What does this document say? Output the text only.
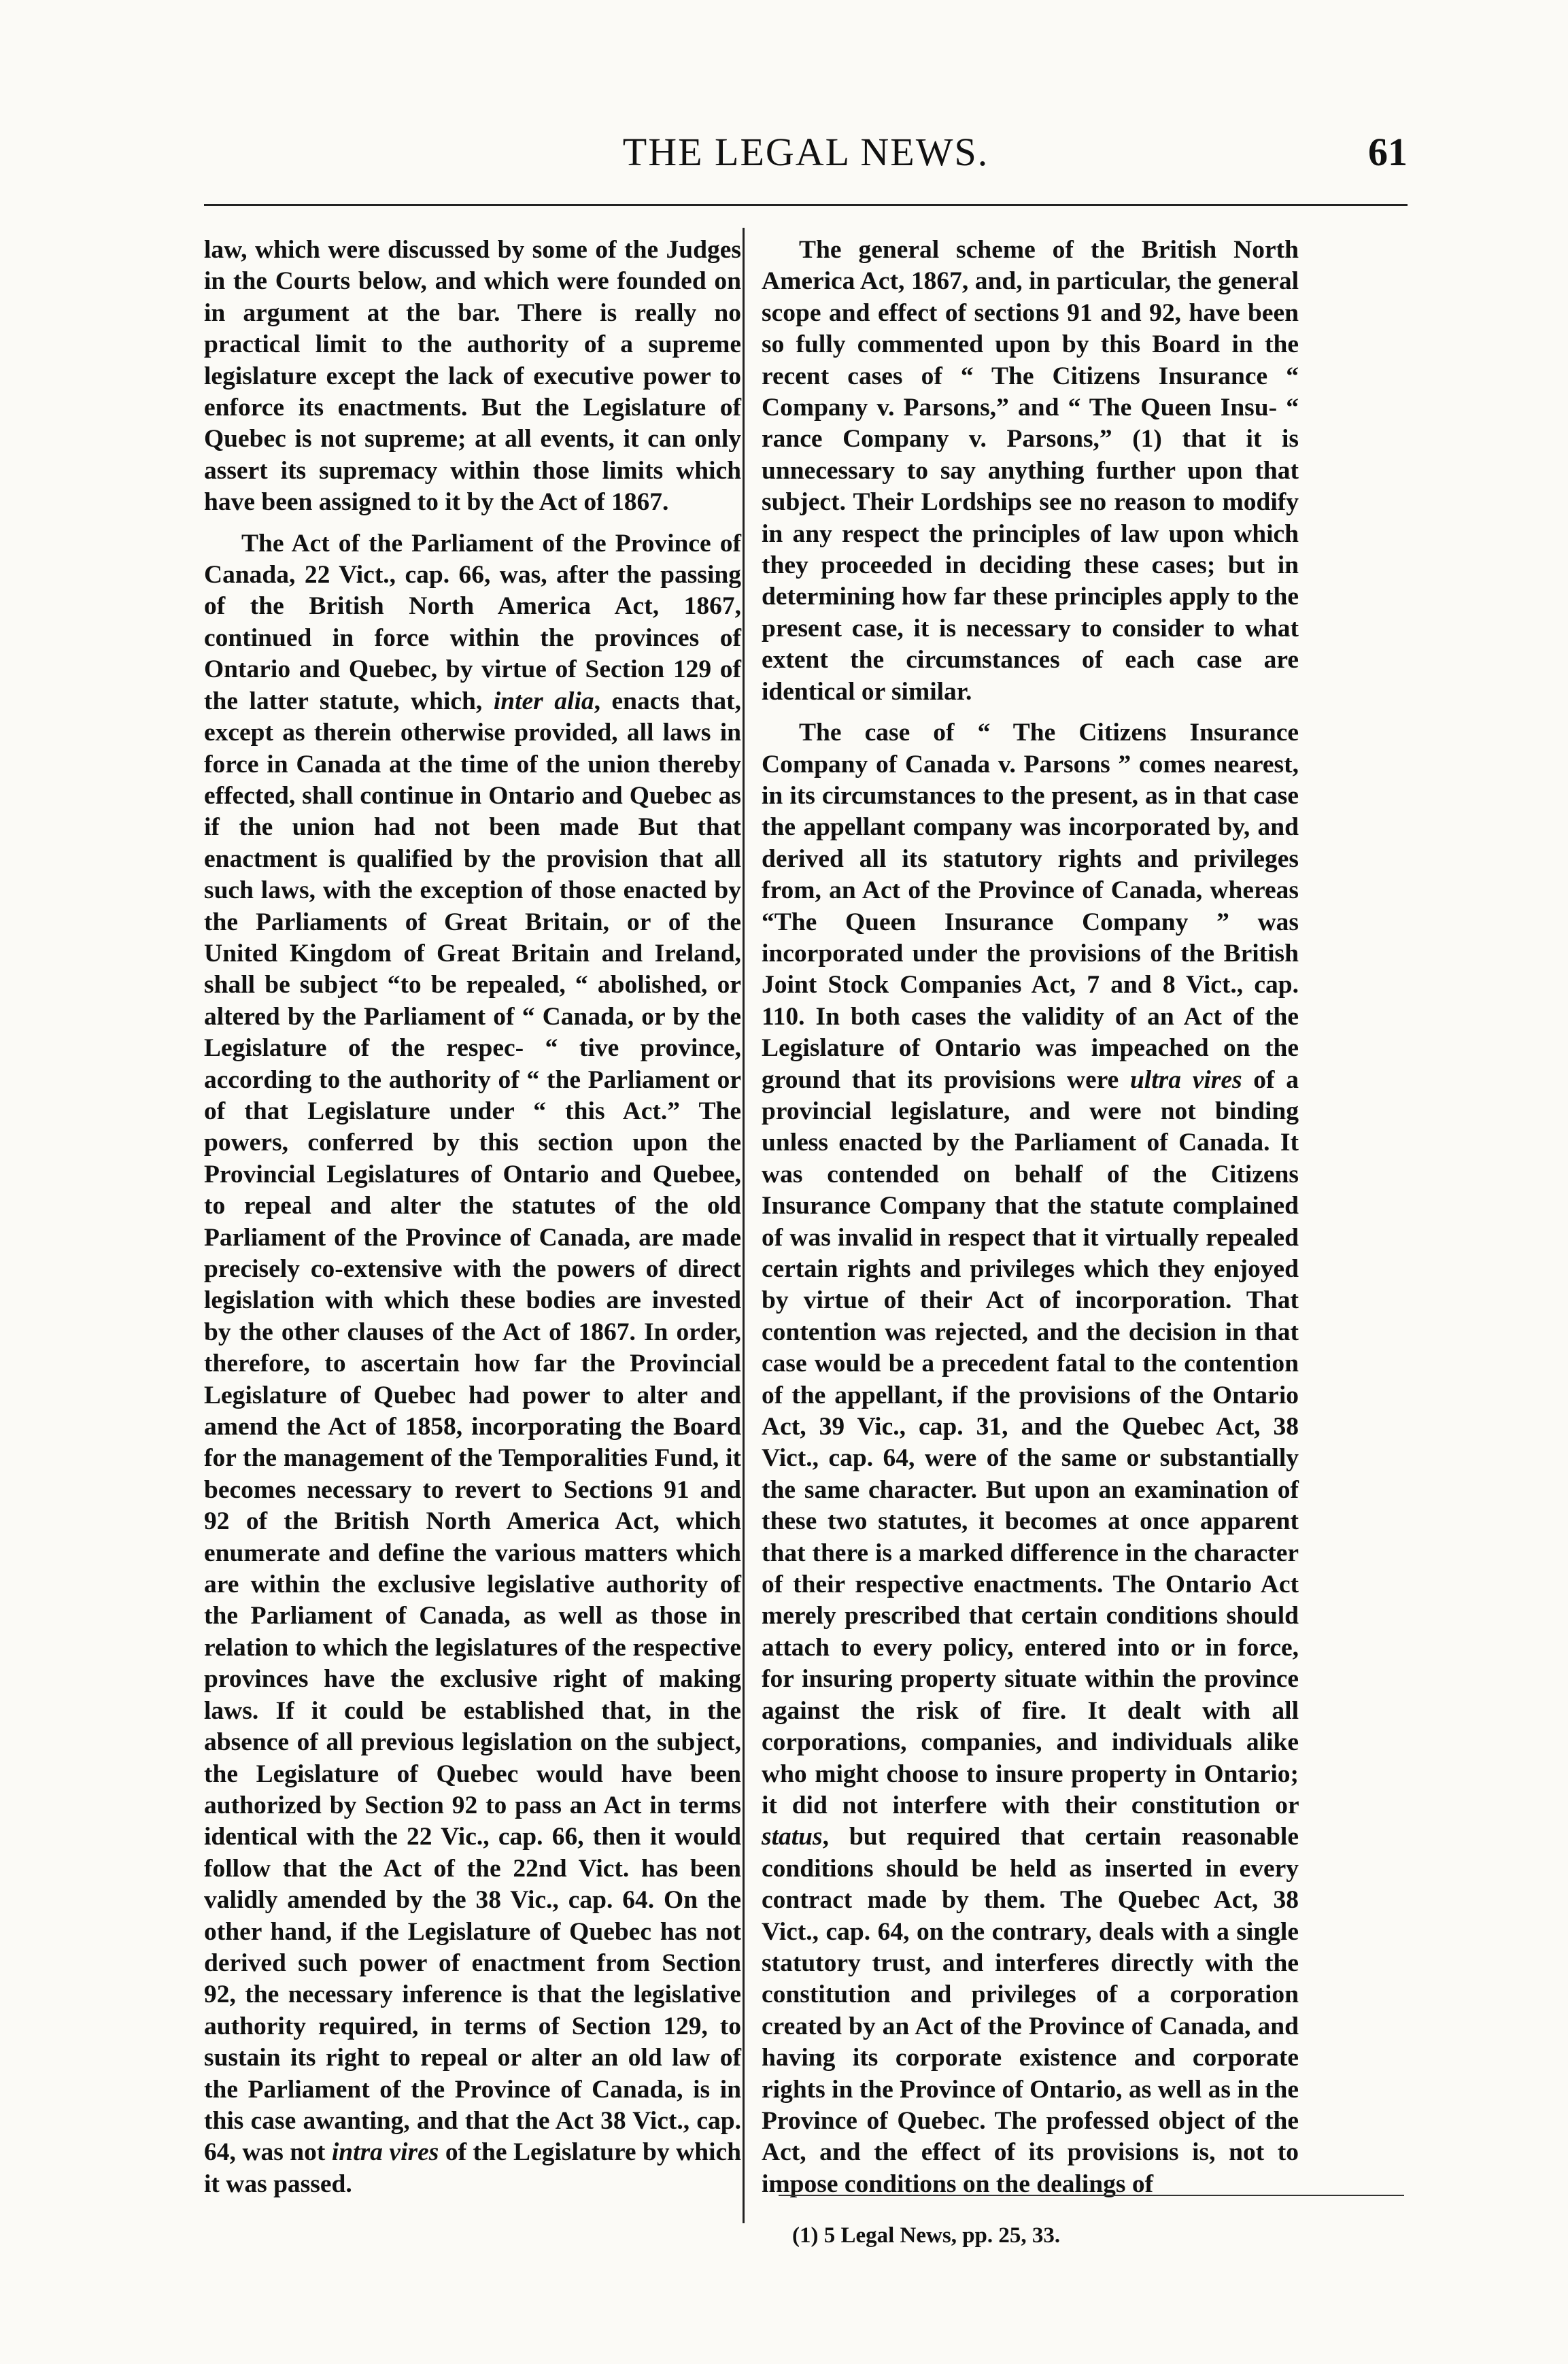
THE LEGAL NEWS.	61

law, which were discussed by some of the Judges in the Courts below, and which were founded on in argument at the bar. There is really no practical limit to the authority of a supreme legislature except the lack of executive power to enforce its enactments. But the Legislature of Quebec is not supreme; at all events, it can only assert its supremacy within those limits which have been assigned to it by the Act of 1867.

The Act of the Parliament of the Province of Canada, 22 Vict., cap. 66, was, after the passing of the British North America Act, 1867, continued in force within the provinces of Ontario and Quebec, by virtue of Section 129 of the latter statute, which, inter alia, enacts that, except as therein otherwise provided, all laws in force in Canada at the time of the union thereby effected, shall continue in Ontario and Quebec as if the union had not been made But that enactment is qualified by the provision that all such laws, with the exception of those enacted by the Parliaments of Great Britain, or of the United Kingdom of Great Britain and Ireland, shall be subject “to be repealed, “ abolished, or altered by the Parliament of “ Canada, or by the Legislature of the respec- “ tive province, according to the authority of “ the Parliament or of that Legislature under “ this Act.” The powers, conferred by this section upon the Provincial Legislatures of Ontario and Quebee, to repeal and alter the statutes of the old Parliament of the Province of Canada, are made precisely co-extensive with the powers of direct legislation with which these bodies are invested by the other clauses of the Act of 1867. In order, therefore, to ascertain how far the Provincial Legislature of Quebec had power to alter and amend the Act of 1858, incorporating the Board for the management of the Temporalities Fund, it becomes necessary to revert to Sections 91 and 92 of the British North America Act, which enumerate and define the various matters which are within the exclusive legislative authority of the Parliament of Canada, as well as those in relation to which the legislatures of the respective provinces have the exclusive right of making laws. If it could be established that, in the absence of all previous legislation on the subject, the Legislature of Quebec would have been authorized by Section 92 to pass an Act in terms identical with the 22 Vic., cap. 66, then it would follow that the Act of the 22nd Vict. has been validly amended by the 38 Vic., cap. 64. On the other hand, if the Legislature of Quebec has not derived such power of enactment from Section 92, the necessary inference is that the legislative authority required, in terms of Section 129, to sustain its right to repeal or alter an old law of the Parliament of the Province of Canada, is in this case awanting, and that the Act 38 Vict., cap. 64, was not intra vires of the Legislature by which it was passed.

The general scheme of the British North America Act, 1867, and, in particular, the general scope and effect of sections 91 and 92, have been so fully commented upon by this Board in the recent cases of “ The Citizens Insurance “ Company v. Parsons,” and “ The Queen Insu- “ rance Company v. Parsons,” (1) that it is unnecessary to say anything further upon that subject. Their Lordships see no reason to modify in any respect the principles of law upon which they proceeded in deciding these cases; but in determining how far these principles apply to the present case, it is necessary to consider to what extent the circumstances of each case are identical or similar.

The case of “ The Citizens Insurance Company of Canada v. Parsons ” comes nearest, in its circumstances to the present, as in that case the appellant company was incorporated by, and derived all its statutory rights and privileges from, an Act of the Province of Canada, whereas “The Queen Insurance Company ” was incorporated under the provisions of the British Joint Stock Companies Act, 7 and 8 Vict., cap. 110. In both cases the validity of an Act of the Legislature of Ontario was impeached on the ground that its provisions were ultra vires of a provincial legislature, and were not binding unless enacted by the Parliament of Canada. It was contended on behalf of the Citizens Insurance Company that the statute complained of was invalid in respect that it virtually repealed certain rights and privileges which they enjoyed by virtue of their Act of incorporation. That contention was rejected, and the decision in that case would be a precedent fatal to the contention of the appellant, if the provisions of the Ontario Act, 39 Vic., cap. 31, and the Quebec Act, 38 Vict., cap. 64, were of the same or substantially the same character. But upon an examination of these two statutes, it becomes at once apparent that there is a marked difference in the character of their respective enactments. The Ontario Act merely prescribed that certain conditions should attach to every policy, entered into or in force, for insuring property situate within the province against the risk of fire. It dealt with all corporations, companies, and individuals alike who might choose to insure property in Ontario; it did not interfere with their constitution or status, but required that certain reasonable conditions should be held as inserted in every contract made by them. The Quebec Act, 38 Vict., cap. 64, on the contrary, deals with a single statutory trust, and interferes directly with the constitution and privileges of a corporation created by an Act of the Province of Canada, and having its corporate existence and corporate rights in the Province of Ontario, as well as in the Province of Quebec. The professed object of the Act, and the effect of its provisions is, not to impose conditions on the dealings of

(1) 5 Legal News, pp. 25, 33.
